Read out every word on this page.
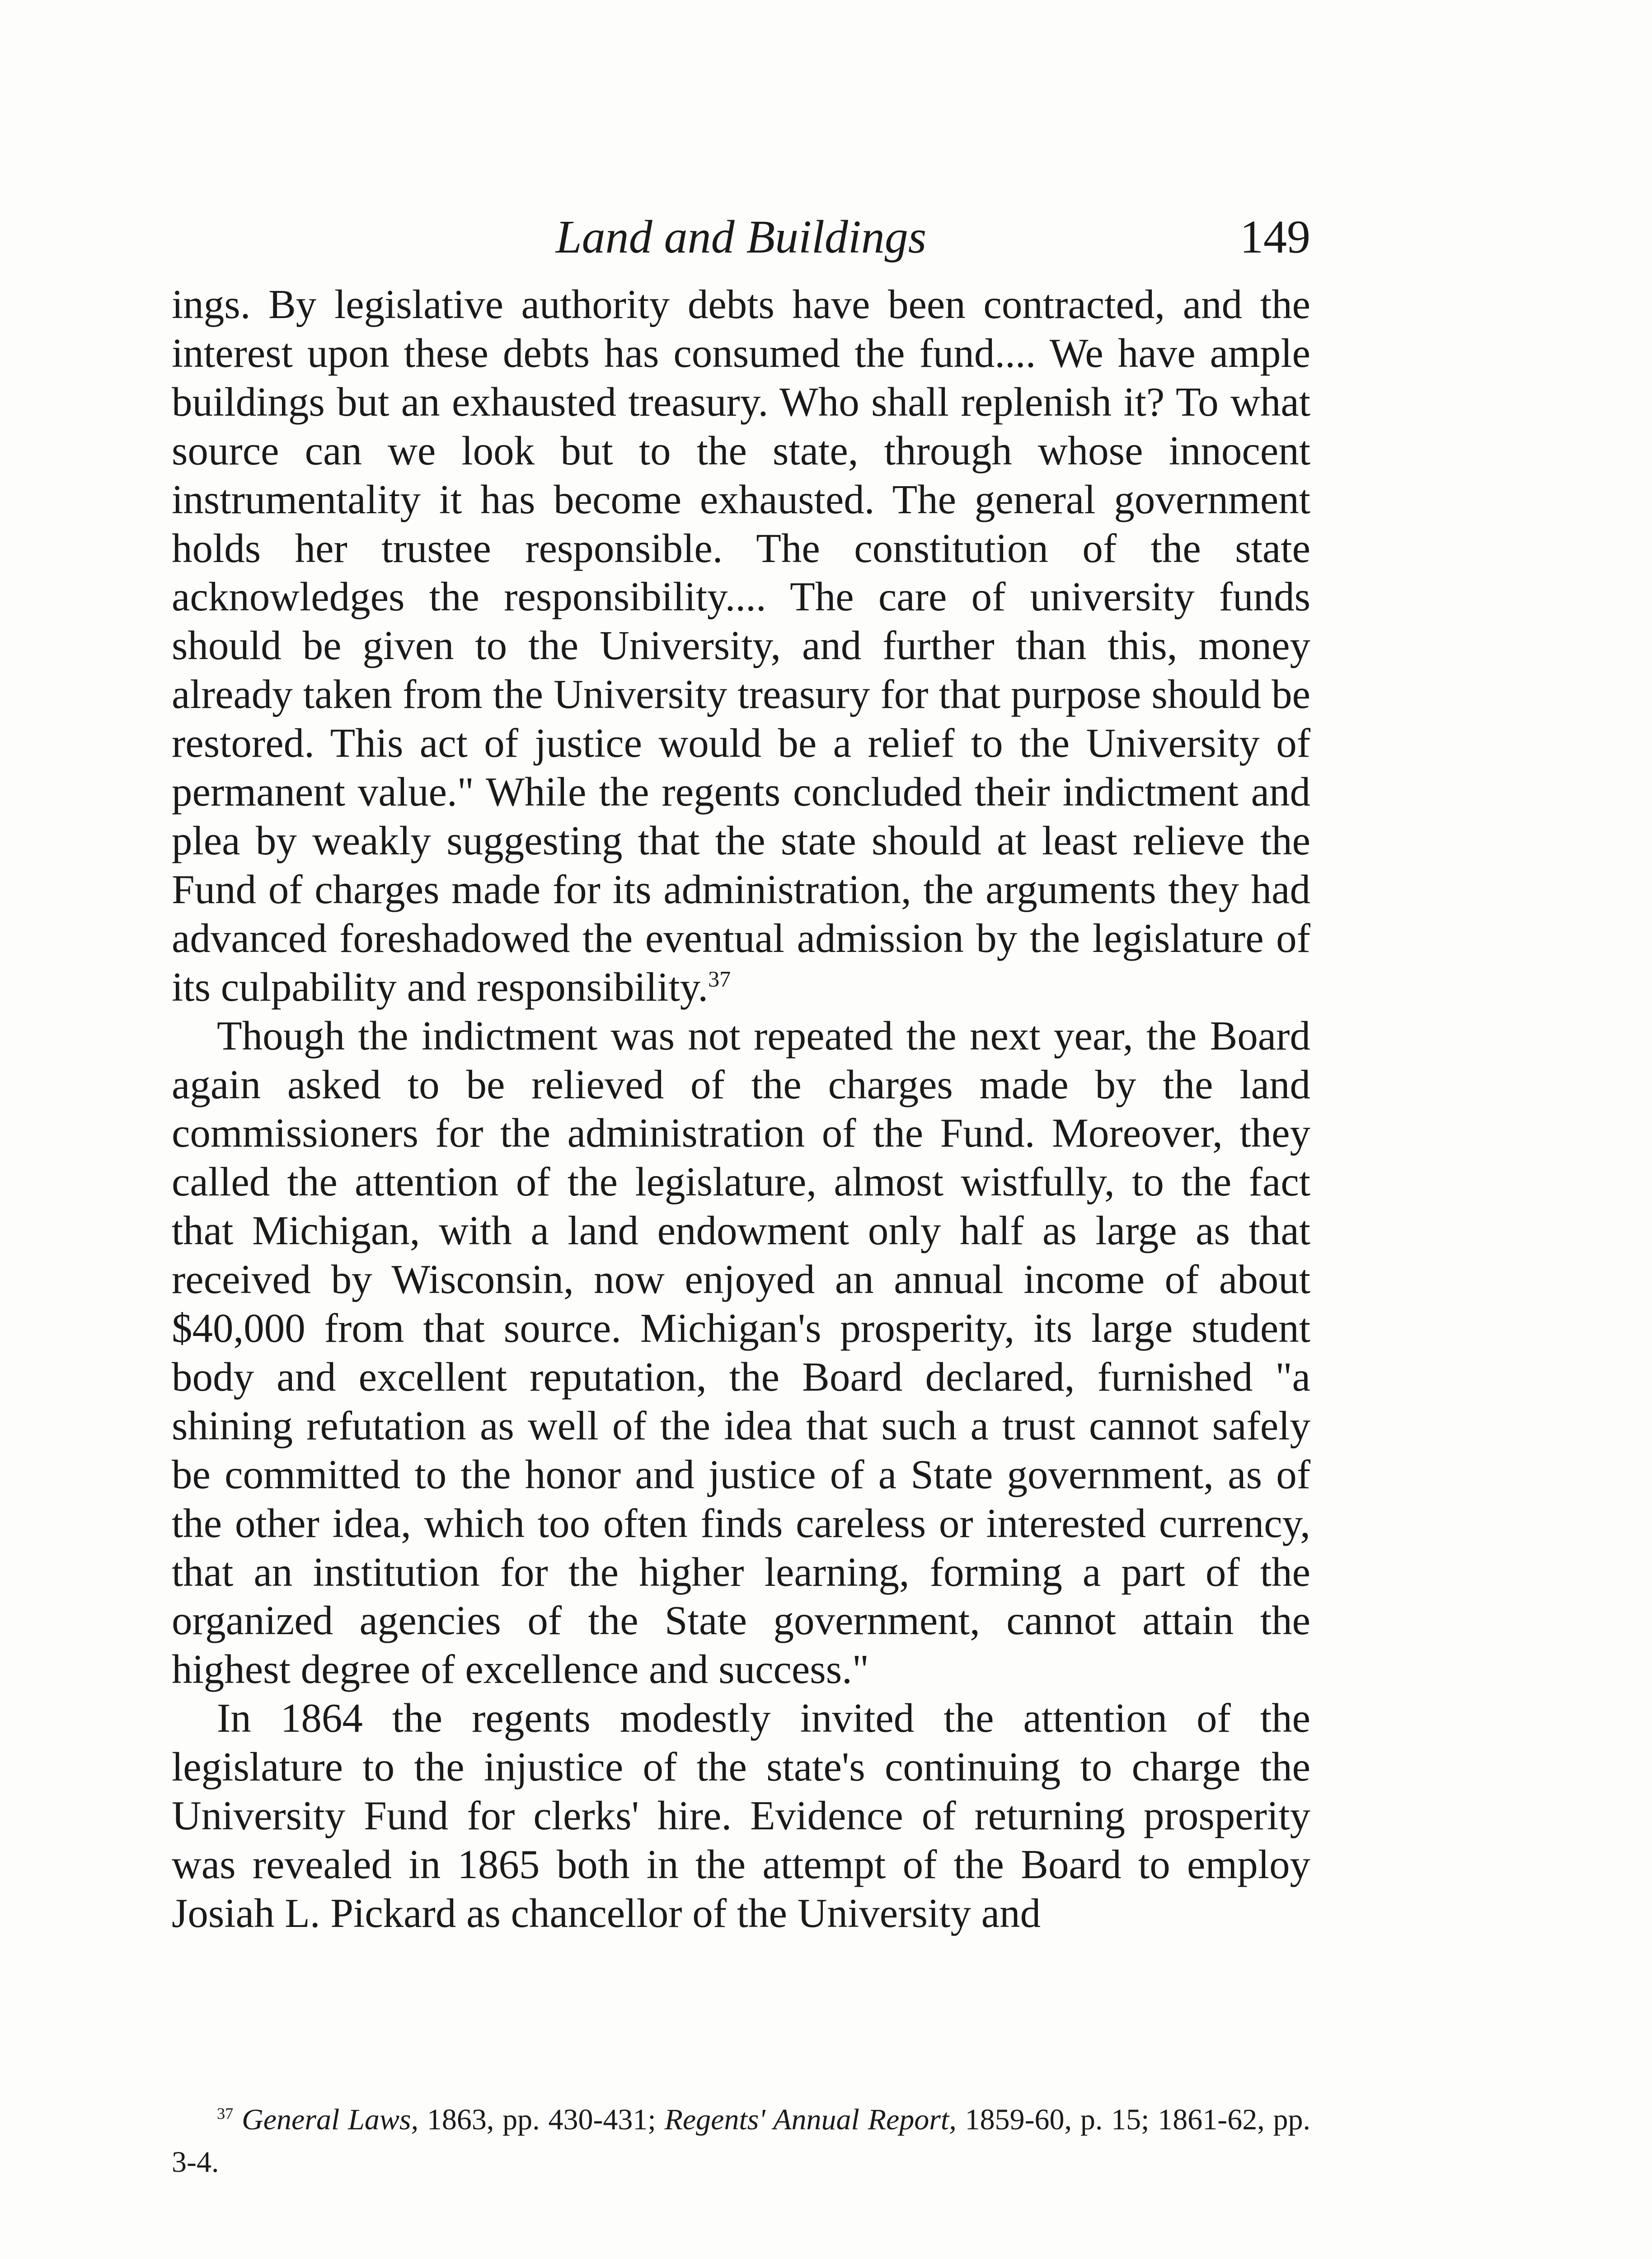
Land and Buildings	149

ings. By legislative authority debts have been contracted, and the interest upon these debts has consumed the fund.... We have ample buildings but an exhausted treasury. Who shall replenish it? To what source can we look but to the state, through whose innocent instrumentality it has become exhausted. The general government holds her trustee responsible. The constitution of the state acknowledges the responsibility.... The care of university funds should be given to the University, and further than this, money already taken from the University treasury for that purpose should be restored. This act of justice would be a relief to the University of permanent value." While the regents concluded their indictment and plea by weakly suggesting that the state should at least relieve the Fund of charges made for its administration, the arguments they had advanced foreshadowed the eventual admission by the legislature of its culpability and responsibility.$^{37}$

Though the indictment was not repeated the next year, the Board again asked to be relieved of the charges made by the land commissioners for the administration of the Fund. Moreover, they called the attention of the legislature, almost wistfully, to the fact that Michigan, with a land endowment only half as large as that received by Wisconsin, now enjoyed an annual income of about $40,000 from that source. Michigan's prosperity, its large student body and excellent reputation, the Board declared, furnished "a shining refutation as well of the idea that such a trust cannot safely be committed to the honor and justice of a State government, as of the other idea, which too often finds careless or interested currency, that an institution for the higher learning, forming a part of the organized agencies of the State government, cannot attain the highest degree of excellence and success."

In 1864 the regents modestly invited the attention of the legislature to the injustice of the state's continuing to charge the University Fund for clerks' hire. Evidence of returning prosperity was revealed in 1865 both in the attempt of the Board to employ Josiah L. Pickard as chancellor of the University and

$^{37}$ General Laws, 1863, pp. 430-431; Regents' Annual Report, 1859-60, p. 15; 1861-62, pp. 3-4.
